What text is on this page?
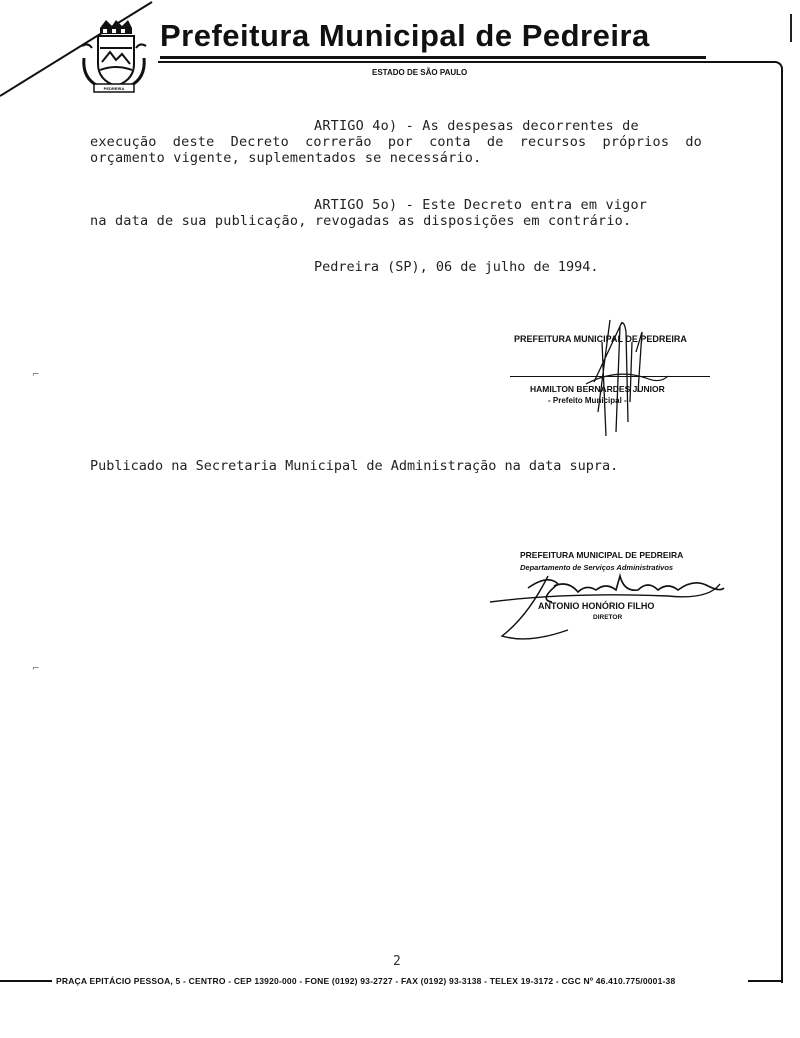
PEDREIRA
Prefeitura Municipal de Pedreira
ESTADO DE SÃO PAULO
ARTIGO 4o) - As despesas decorrentes de
execução deste Decreto correrão por conta de recursos próprios do orçamento vigente, suplementados se necessário.
ARTIGO 5o) - Este Decreto entra em vigor
na data de sua publicação, revogadas as disposições em contrário.
Pedreira (SP), 06 de julho de 1994.
PREFEITURA MUNICIPAL DE PEDREIRA
HAMILTON BERNARDES JUNIOR
- Prefeito Municipal -
Publicado na Secretaria Municipal de Administração na data supra.
PREFEITURA MUNICIPAL DE PEDREIRA
Departamento de Serviços Administrativos
ANTONIO HONÓRIO FILHO
DIRETOR
⌐
⌐
2
PRAÇA EPITÁCIO PESSOA, 5 - CENTRO - CEP 13920-000 - FONE (0192) 93-2727 - FAX (0192) 93-3138 - TELEX 19-3172 - CGC Nº 46.410.775/0001-38
